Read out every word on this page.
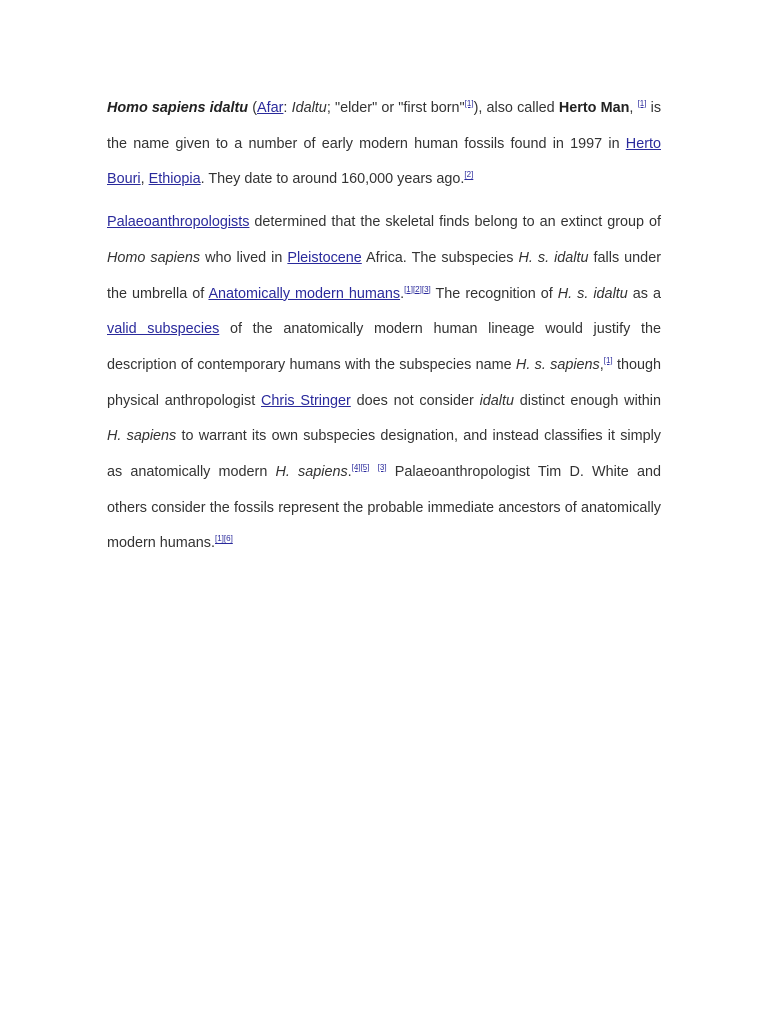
Homo sapiens idaltu (Afar: Idaltu; "elder" or "first born"[1]), also called Herto Man, [1] is the name given to a number of early modern human fossils found in 1997 in Herto Bouri, Ethiopia. They date to around 160,000 years ago.[2]

Palaeoanthropologists determined that the skeletal finds belong to an extinct group of Homo sapiens who lived in Pleistocene Africa. The subspecies H. s. idaltu falls under the umbrella of Anatomically modern humans.[1][2][3] The recognition of H. s. idaltu as a valid subspecies of the anatomically modern human lineage would justify the description of contemporary humans with the subspecies name H. s. sapiens,[1] though physical anthropologist Chris Stringer does not consider idaltu distinct enough within H. sapiens to warrant its own subspecies designation, and instead classifies it simply as anatomically modern H. sapiens.[4][5] [3] Palaeoanthropologist Tim D. White and others consider the fossils represent the probable immediate ancestors of anatomically modern humans.[1][6]
